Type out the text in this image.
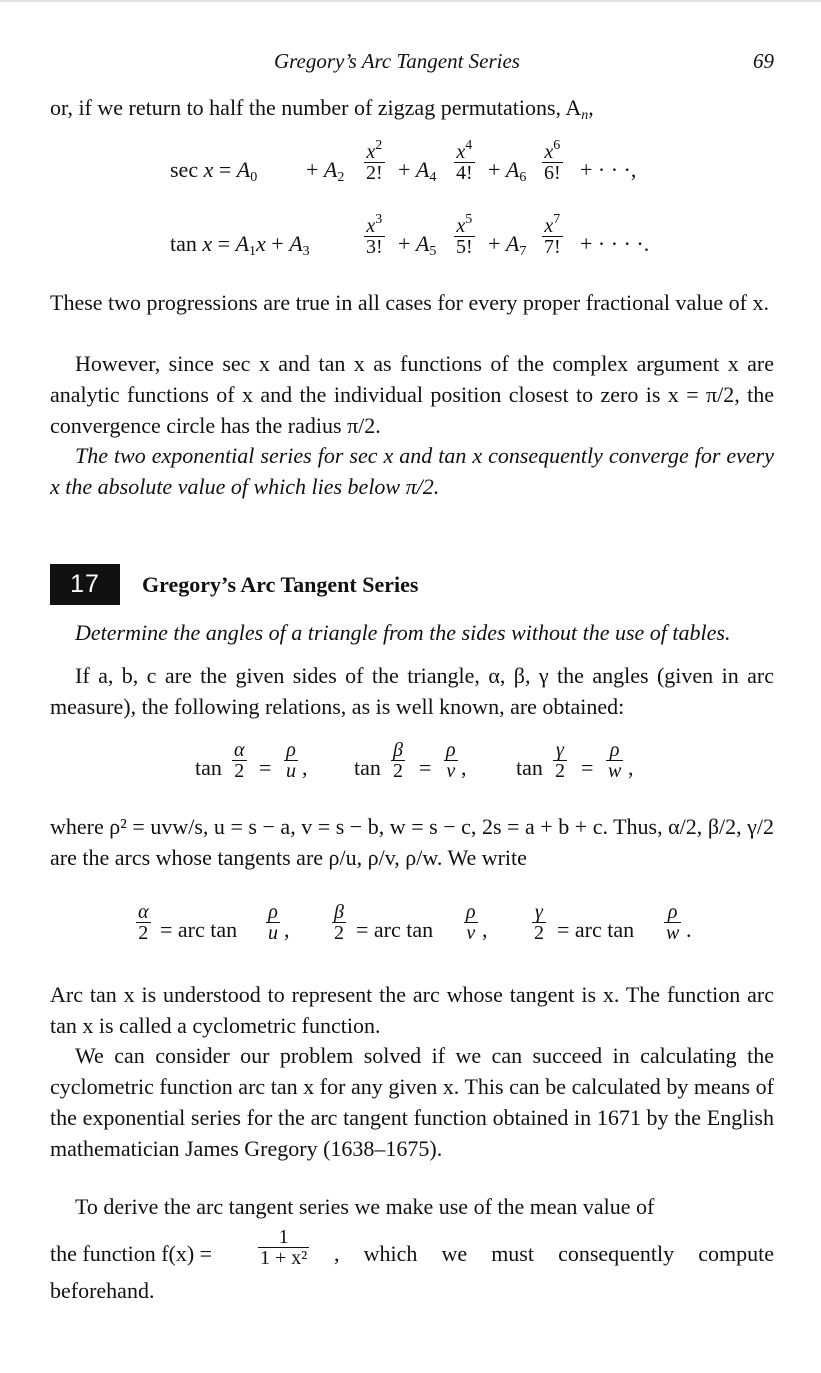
Gregory’s Arc Tangent Series	69

or, if we return to half the number of zigzag permutations, $A_n$,

$\sec x = A_0 + A_2 \frac{x^2}{2!} + A_4 \frac{x^4}{4!} + A_6 \frac{x^6}{6!}$ + · · ·,
$\tan x = A_1x + A_3$	$\frac{x^3}{3!} + A_5 \frac{x^5}{5!} + A_7 \frac{x^7}{7!}$ + · · · ·.

These two progressions are true in all cases for every proper fractional value of x.

However, since sec x and tan x as functions of the complex argument x are analytic functions of x and the individual position closest to zero is x = π/2, the convergence circle has the radius π/2.

The two exponential series for sec x and tan x consequently converge for every x the absolute value of which lies below π/2.

17	Gregory’s Arc Tangent Series

Determine the angles of a triangle from the sides without the use of tables.

If a, b, c are the given sides of the triangle, α, β, γ the angles (given in arc measure), the following relations, as is well known, are obtained:

$\tan \frac{\alpha}{2} = \frac{\rho}{u}$ , $\tan \frac{\beta}{2} = \frac{\rho}{v}$ , $\tan \frac{\gamma}{2} = \frac{\rho}{w}$ ,

where ρ² = uvw/s, u = s − a, v = s − b, w = s − c, 2s = a + b + c. Thus, α/2, β/2, γ/2 are the arcs whose tangents are ρ/u, ρ/v, ρ/w. We write

$\frac{\alpha}{2}$ = arc $\tan \frac{\rho}{u}$ , $\frac{\beta}{2}$ = arc $\tan \frac{\rho}{v}$ , $\frac{\gamma}{2}$ = arc $\tan \frac{\rho}{w}$ .

Arc tan x is understood to represent the arc whose tangent is x. The function arc tan x is called a cyclometric function.

We can consider our problem solved if we can succeed in calculating the cyclometric function arc tan x for any given x. This can be calculated by means of the exponential series for the arc tangent function obtained in 1671 by the English mathematician James Gregory (1638–1675).

To derive the arc tangent series we make use of the mean value of

the function $f(x) = \frac{1}{\text{1 + x²}}$ , which we must consequently compute

beforehand.
